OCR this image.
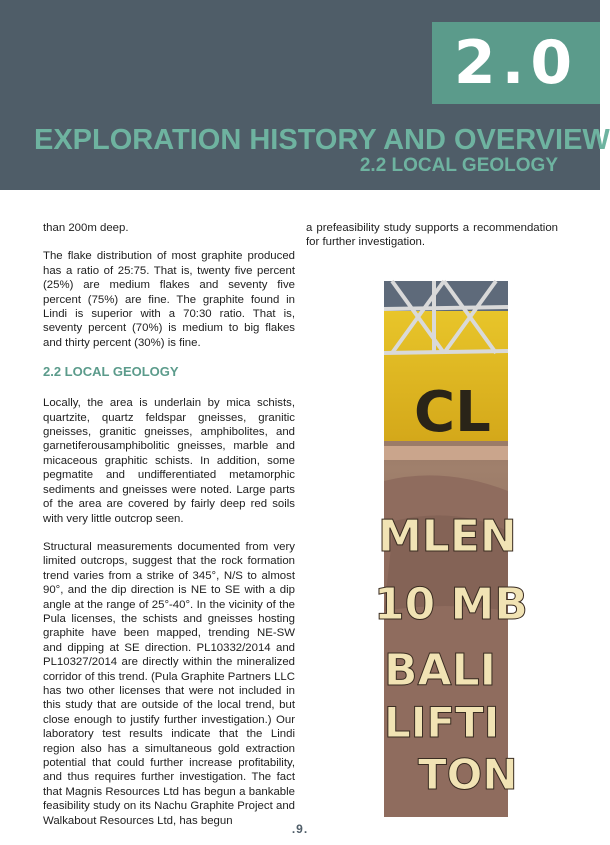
2.0
EXPLORATION HISTORY AND OVERVIEW
2.2 LOCAL GEOLOGY

than 200m deep.

The flake distribution of most graphite produced has a ratio of 25:75. That is, twenty five percent (25%) are medium flakes and seventy five percent (75%) are fine. The graphite found in Lindi is superior with a 70:30 ratio. That is, seventy percent (70%) is medium to big flakes and thirty percent (30%) is fine.

2.2 LOCAL GEOLOGY

Locally, the area is underlain by mica schists, quartzite, quartz feldspar gneisses, granitic gneisses, granitic gneisses, amphibolites, and garnetiferousamphibolitic gneisses, marble and micaceous graphitic schists. In addition, some pegmatite and undifferentiated metamorphic sediments and gneisses were noted. Large parts of the area are covered by fairly deep red soils with very little outcrop seen.

Structural measurements documented from very limited outcrops, suggest that the rock formation trend varies from a strike of 345°, N/S to almost 90°, and the dip direction is NE to SE with a dip angle at the range of 25°-40°. In the vicinity of the Pula licenses, the schists and gneisses hosting graphite have been mapped, trending NE-SW and dipping at SE direction. PL10332/2014 and PL10327/2014 are directly within the mineralized corridor of this trend. (Pula Graphite Partners LLC has two other licenses that were not included in this study that are outside of the local trend, but close enough to justify further investigation.) Our laboratory test results indicate that the Lindi region also has a simultaneous gold extraction potential that could further increase profitability, and thus requires further investigation. The fact that Magnis Resources Ltd has begun a bankable feasibility study on its Nachu Graphite Project and Walkabout Resources Ltd, has begun

a prefeasibility study supports a recommendation for further investigation.

CL
MLEN
10 MB
BALI
LIFTI
TON
.9.
